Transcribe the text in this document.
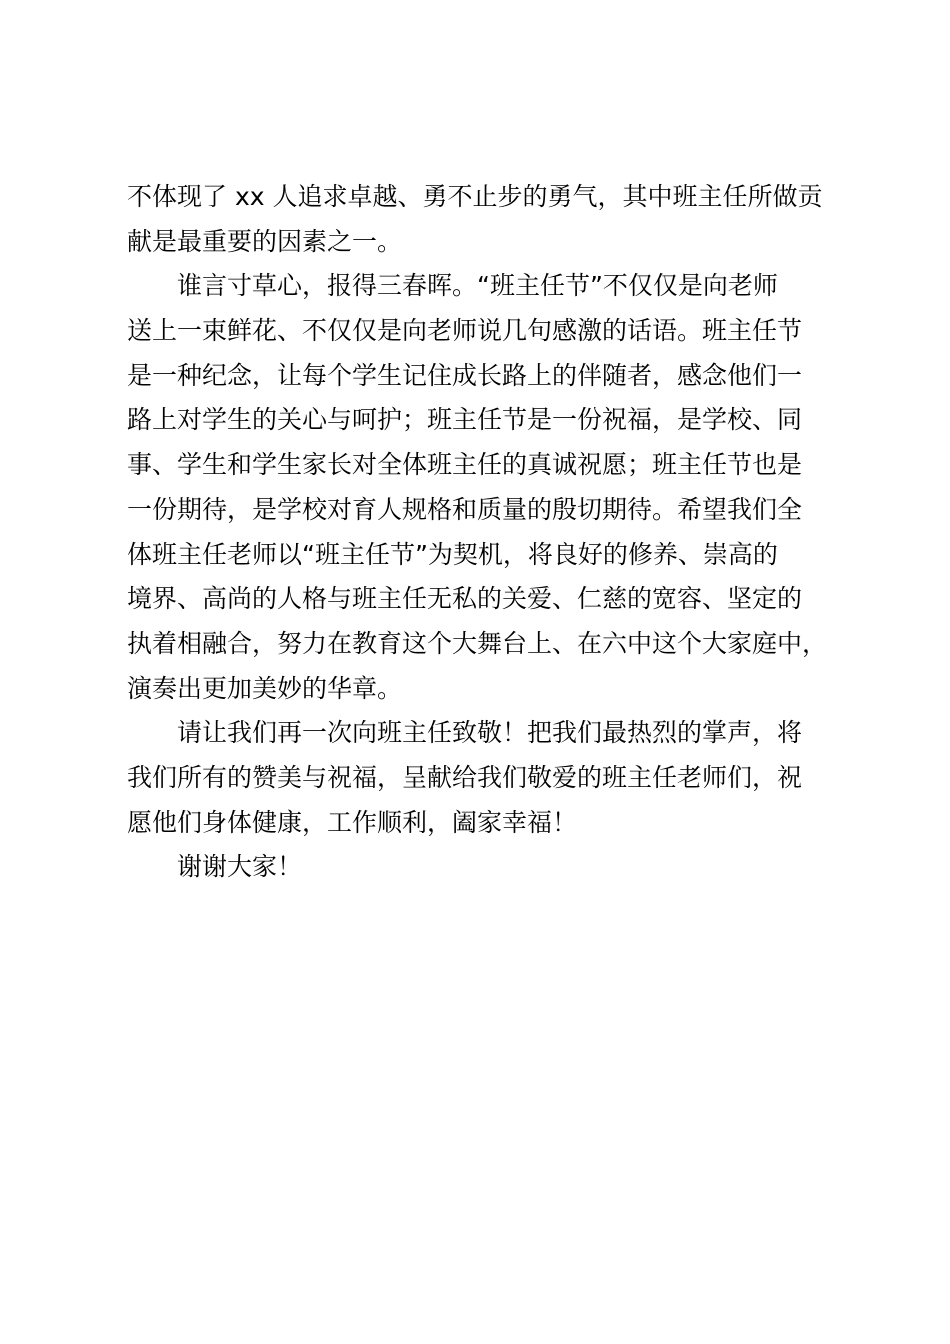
不体现了 xx 人追求卓越、勇不止步的勇气，其中班主任所做贡
献是最重要的因素之一。
谁言寸草心，报得三春晖。“班主任节”不仅仅是向老师
送上一束鲜花、不仅仅是向老师说几句感激的话语。班主任节
是一种纪念，让每个学生记住成长路上的伴随者，感念他们一
路上对学生的关心与呵护；班主任节是一份祝福，是学校、同
事、学生和学生家长对全体班主任的真诚祝愿；班主任节也是
一份期待，是学校对育人规格和质量的殷切期待。希望我们全
体班主任老师以“班主任节”为契机，将良好的修养、崇高的
境界、高尚的人格与班主任无私的关爱、仁慈的宽容、坚定的
执着相融合，努力在教育这个大舞台上、在六中这个大家庭中，
演奏出更加美妙的华章。
请让我们再一次向班主任致敬！把我们最热烈的掌声，将
我们所有的赞美与祝福，呈献给我们敬爱的班主任老师们，祝
愿他们身体健康，工作顺利，阖家幸福！
谢谢大家！
